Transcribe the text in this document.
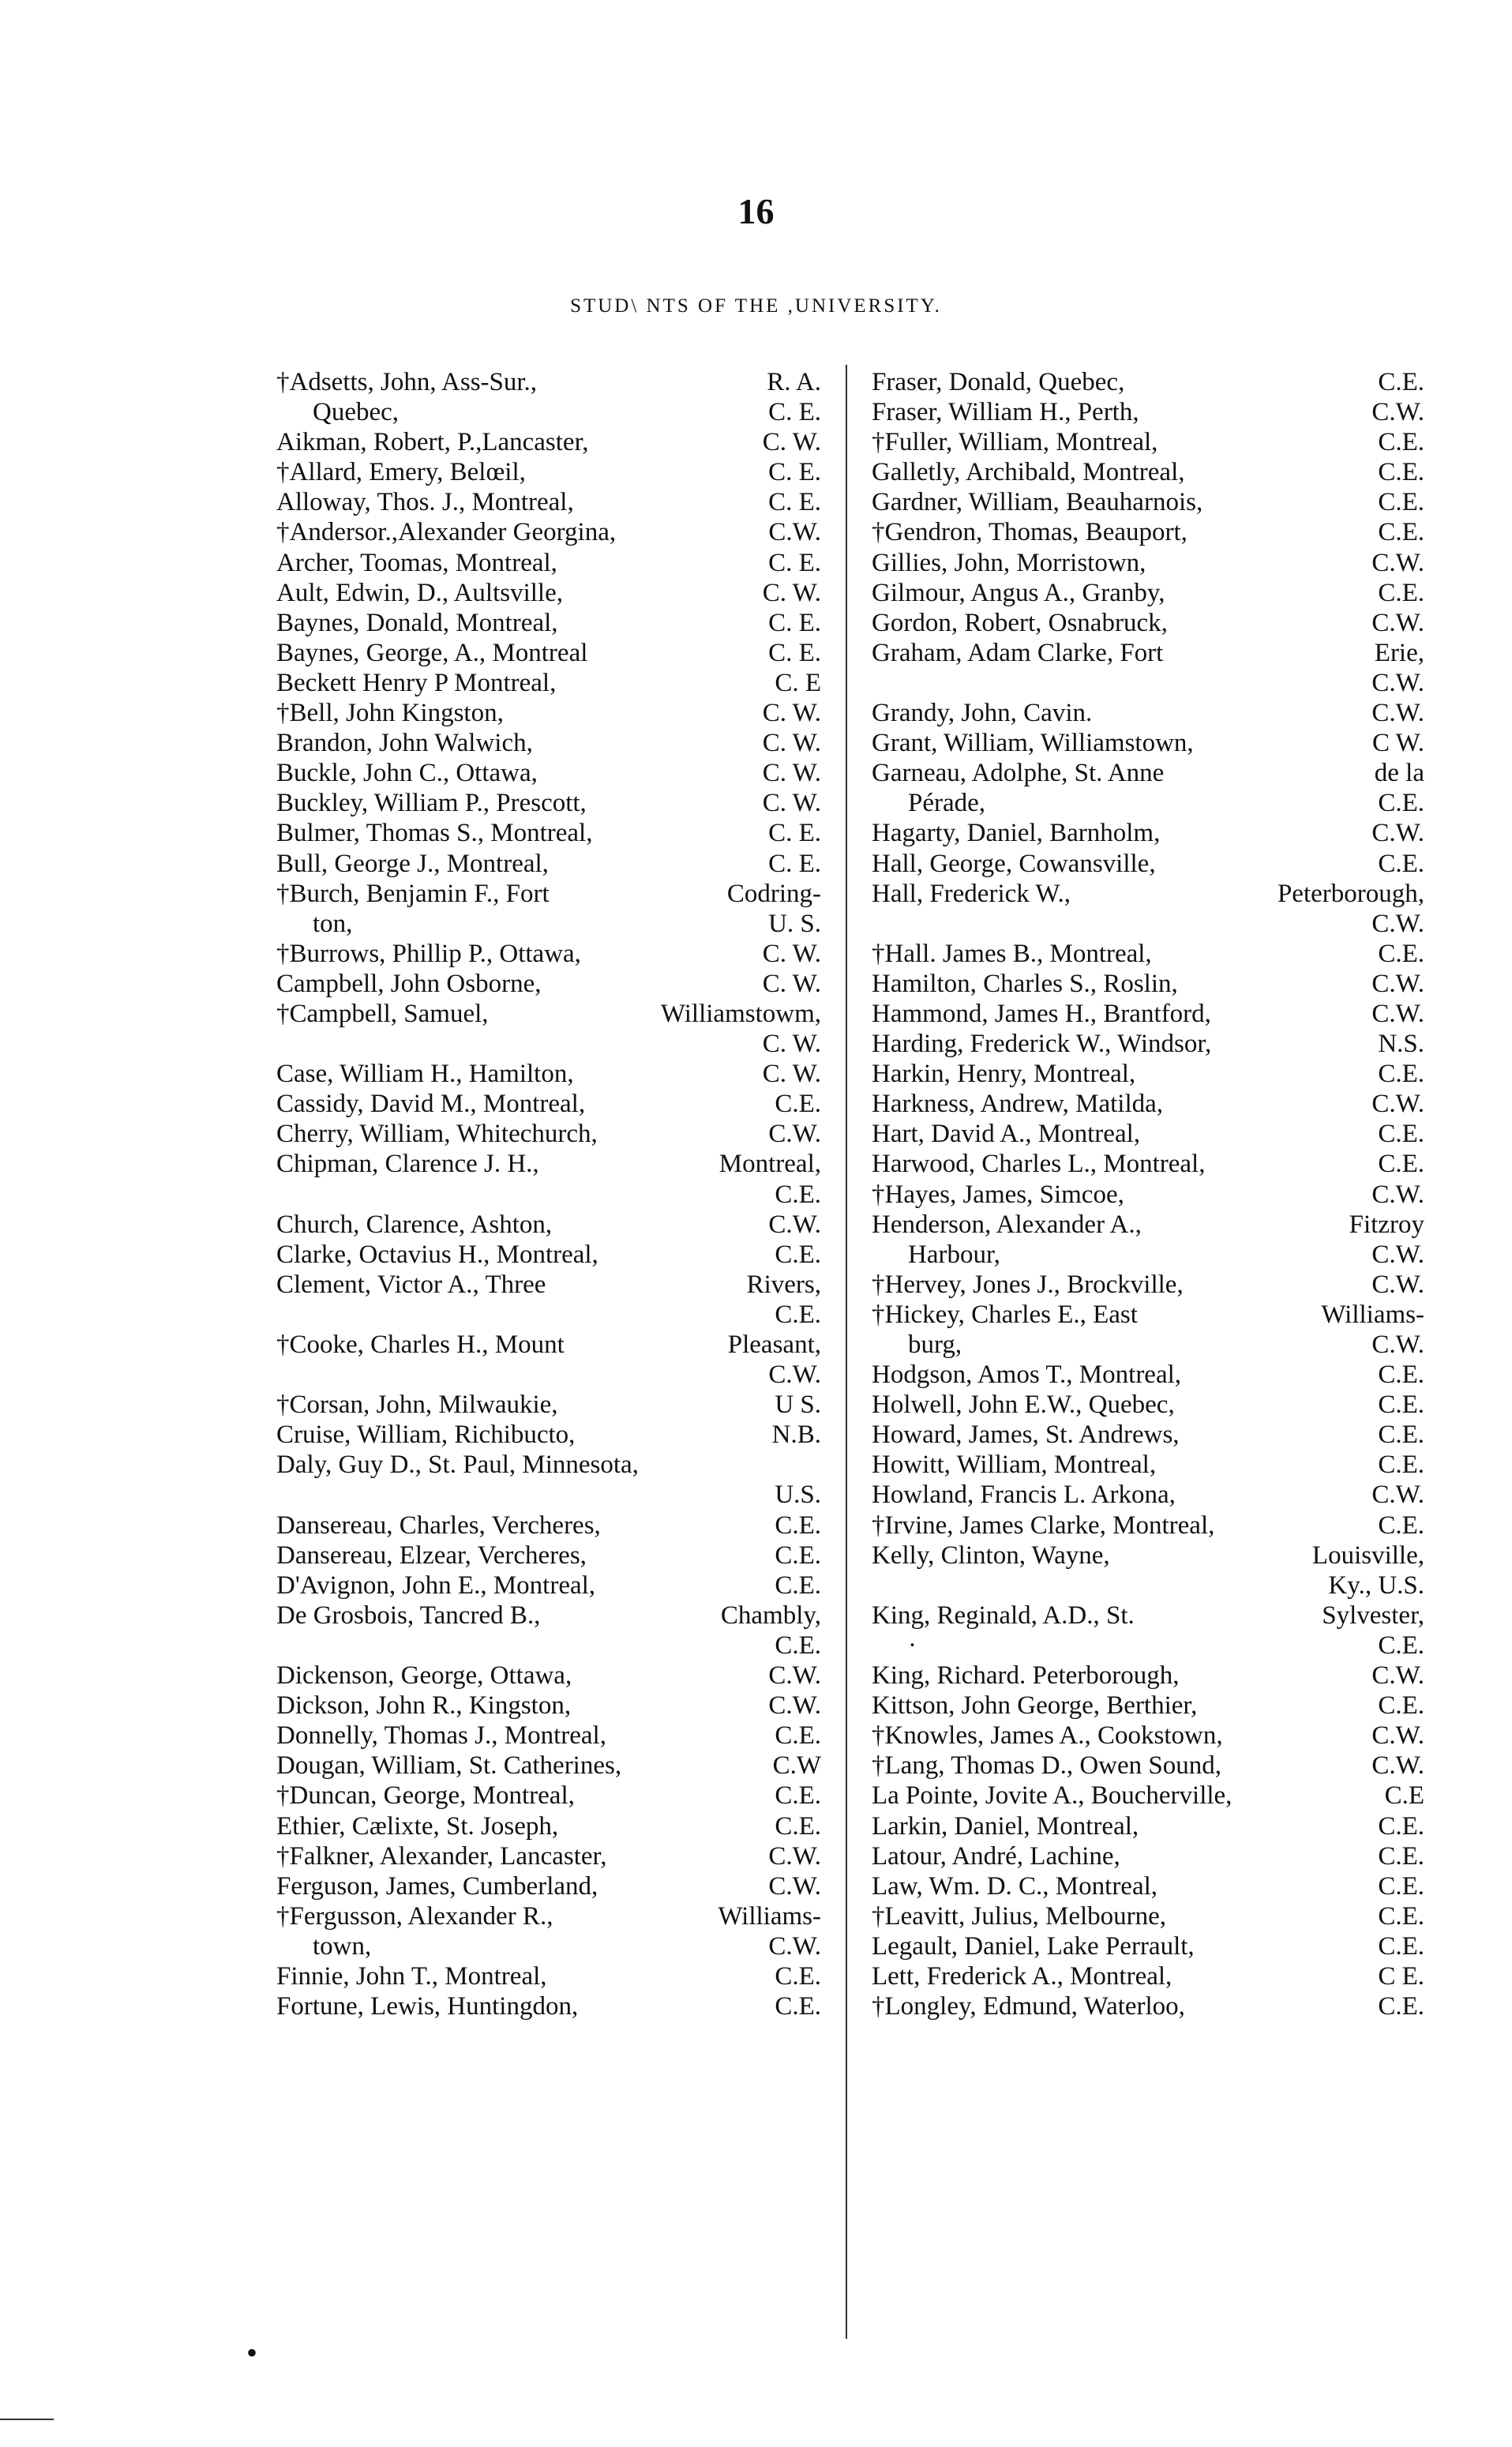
16
STUD\ NTS OF THE ,UNIVERSITY.
†Adsetts, John, Ass-Sur.,	R. A.
Quebec,	C. E.
Aikman, Robert, P.,Lancaster,	C. W.
†Allard, Emery, Belœil,	C. E.
Alloway, Thos. J., Montreal,	C. E.
†Andersor.,Alexander Georgina,	C.W.
Archer, Toomas, Montreal,	C. E.
Ault, Edwin, D., Aultsville,	C. W.
Baynes, Donald, Montreal,	C. E.
Baynes, George, A., Montreal	C. E.
Beckett Henry P Montreal,	C. E
†Bell, John Kingston,	C. W.
Brandon, John Walwich,	C. W.
Buckle, John C., Ottawa,	C. W.
Buckley, William P., Prescott,	C. W.
Bulmer, Thomas S., Montreal,	C. E.
Bull, George J., Montreal,	C. E.
†Burch, Benjamin F., Fort	Codring-
ton,	U. S.
†Burrows, Phillip P., Ottawa,	C. W.
Campbell, John Osborne,	C. W.
†Campbell, Samuel,	Williamstowm,
C. W.
Case, William H., Hamilton,	C. W.
Cassidy, David M., Montreal,	C.E.
Cherry, William, Whitechurch,	C.W.
Chipman, Clarence J. H.,	Montreal,
C.E.
Church, Clarence, Ashton,	C.W.
Clarke, Octavius H., Montreal,	C.E.
Clement, Victor A., Three	Rivers,
C.E.
†Cooke, Charles H., Mount	Pleasant,
C.W.
†Corsan, John, Milwaukie,	U S.
Cruise, William, Richibucto,	N.B.
Daly, Guy D., St. Paul, Minnesota,
U.S.
Dansereau, Charles, Vercheres,	C.E.
Dansereau, Elzear, Vercheres,	C.E.
D'Avignon, John E., Montreal,	C.E.
De Grosbois, Tancred B.,	Chambly,
C.E.
Dickenson, George, Ottawa,	C.W.
Dickson, John R., Kingston,	C.W.
Donnelly, Thomas J., Montreal,	C.E.
Dougan, William, St. Catherines,	C.W
†Duncan, George, Montreal,	C.E.
Ethier, Cælixte, St. Joseph,	C.E.
†Falkner, Alexander, Lancaster,	C.W.
Ferguson, James, Cumberland,	C.W.
†Fergusson, Alexander R.,	Williams-
town,	C.W.
Finnie, John T., Montreal,	C.E.
Fortune, Lewis, Huntingdon,	C.E.
Fraser, Donald, Quebec,	C.E.
Fraser, William H., Perth,	C.W.
†Fuller, William, Montreal,	C.E.
Galletly, Archibald, Montreal,	C.E.
Gardner, William, Beauharnois,	C.E.
†Gendron, Thomas, Beauport,	C.E.
Gillies, John, Morristown,	C.W.
Gilmour, Angus A., Granby,	C.E.
Gordon, Robert, Osnabruck,	C.W.
Graham, Adam Clarke, Fort	Erie,
C.W.
Grandy, John, Cavin.	C.W.
Grant, William, Williamstown,	C W.
Garneau, Adolphe, St. Anne	de la
Pérade,	C.E.
Hagarty, Daniel, Barnholm,	C.W.
Hall, George, Cowansville,	C.E.
Hall, Frederick W.,	Peterborough,
C.W.
†Hall. James B., Montreal,	C.E.
Hamilton, Charles S., Roslin,	C.W.
Hammond, James H., Brantford,	C.W.
Harding, Frederick W., Windsor,	N.S.
Harkin, Henry, Montreal,	C.E.
Harkness, Andrew, Matilda,	C.W.
Hart, David A., Montreal,	C.E.
Harwood, Charles L., Montreal,	C.E.
†Hayes, James, Simcoe,	C.W.
Henderson, Alexander A.,	Fitzroy
Harbour,	C.W.
†Hervey, Jones J., Brockville,	C.W.
†Hickey, Charles E., East	Williams-
burg,	C.W.
Hodgson, Amos T., Montreal,	C.E.
Holwell, John E.W., Quebec,	C.E.
Howard, James, St. Andrews,	C.E.
Howitt, William, Montreal,	C.E.
Howland, Francis L. Arkona,	C.W.
†Irvine, James Clarke, Montreal,	C.E.
Kelly, Clinton, Wayne,	Louisville,
Ky., U.S.
King, Reginald, A.D., St.	Sylvester,
·	C.E.
King, Richard. Peterborough,	C.W.
Kittson, John George, Berthier,	C.E.
†Knowles, James A., Cookstown,	C.W.
†Lang, Thomas D., Owen Sound,	C.W.
La Pointe, Jovite A., Boucherville,	C.E
Larkin, Daniel, Montreal,	C.E.
Latour, André, Lachine,	C.E.
Law, Wm. D. C., Montreal,	C.E.
†Leavitt, Julius, Melbourne,	C.E.
Legault, Daniel, Lake Perrault,	C.E.
Lett, Frederick A., Montreal,	C E.
†Longley, Edmund, Waterloo,	C.E.
•
